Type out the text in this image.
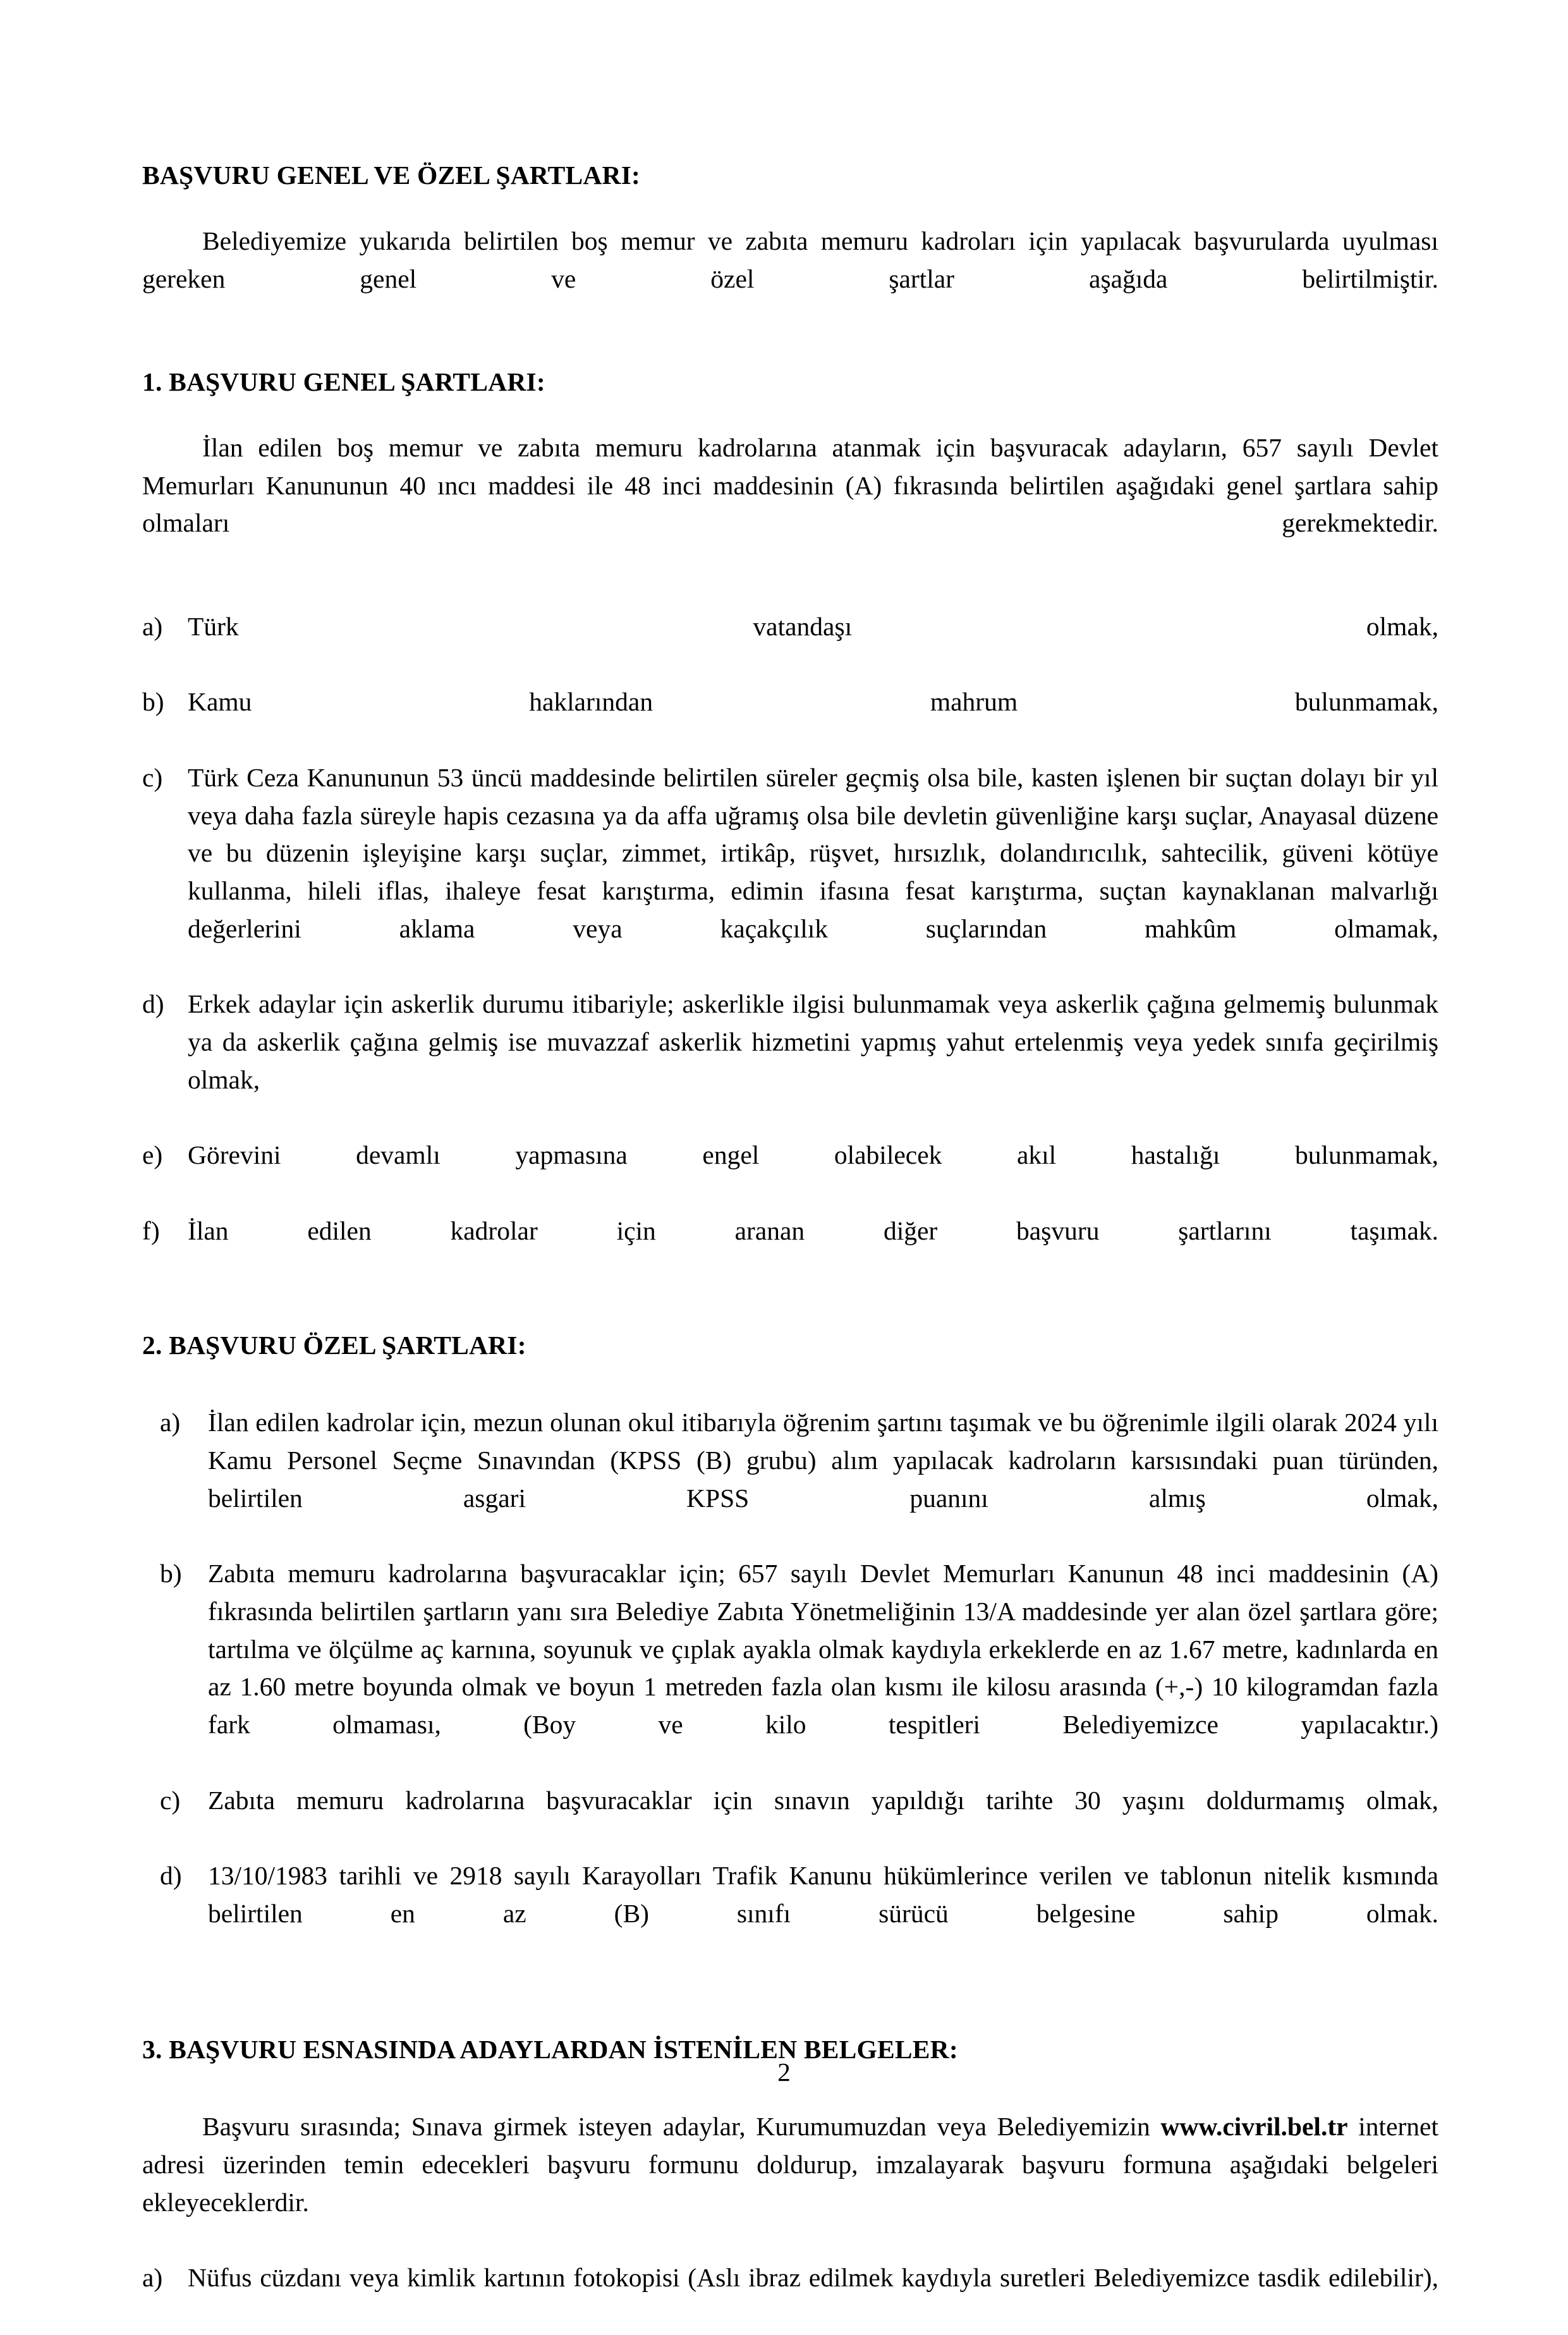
BAŞVURU GENEL VE ÖZEL ŞARTLARI:

Belediyemize yukarıda belirtilen boş memur ve zabıta memuru kadroları için yapılacak başvurularda uyulması gereken genel ve özel şartlar aşağıda belirtilmiştir.

1. BAŞVURU GENEL ŞARTLARI:

İlan edilen boş memur ve zabıta memuru kadrolarına atanmak için başvuracak adayların, 657 sayılı Devlet Memurları Kanununun 40 ıncı maddesi ile 48 inci maddesinin (A) fıkrasında belirtilen aşağıdaki genel şartlara sahip olmaları gerekmektedir.

a) Türk vatandaşı olmak,
b) Kamu haklarından mahrum bulunmamak,
c) Türk Ceza Kanununun 53 üncü maddesinde belirtilen süreler geçmiş olsa bile, kasten işlenen bir suçtan dolayı bir yıl veya daha fazla süreyle hapis cezasına ya da affa uğramış olsa bile devletin güvenliğine karşı suçlar, Anayasal düzene ve bu düzenin işleyişine karşı suçlar, zimmet, irtikâp, rüşvet, hırsızlık, dolandırıcılık, sahtecilik, güveni kötüye kullanma, hileli iflas, ihaleye fesat karıştırma, edimin ifasına fesat karıştırma, suçtan kaynaklanan malvarlığı değerlerini aklama veya kaçakçılık suçlarından mahkûm olmamak,
d) Erkek adaylar için askerlik durumu itibariyle; askerlikle ilgisi bulunmamak veya askerlik çağına gelmemiş bulunmak ya da askerlik çağına gelmiş ise muvazzaf askerlik hizmetini yapmış yahut ertelenmiş veya yedek sınıfa geçirilmiş olmak,
e) Görevini devamlı yapmasına engel olabilecek akıl hastalığı bulunmamak,
f)	İlan edilen kadrolar için aranan diğer başvuru şartlarını taşımak.
2. BAŞVURU ÖZEL ŞARTLARI:
a)	İlan edilen kadrolar için, mezun olunan okul itibarıyla öğrenim şartını taşımak ve bu öğrenimle ilgili olarak 2024 yılı Kamu Personel Seçme Sınavından (KPSS (B) grubu) alım yapılacak kadroların karsısındaki puan türünden, belirtilen asgari KPSS puanını almış olmak,
b) Zabıta memuru kadrolarına başvuracaklar için; 657 sayılı Devlet Memurları Kanunun 48 inci maddesinin (A) fıkrasında belirtilen şartların yanı sıra Belediye Zabıta Yönetmeliğinin 13/A maddesinde yer alan özel şartlara göre; tartılma ve ölçülme aç karnına, soyunuk ve çıplak ayakla olmak kaydıyla erkeklerde en az 1.67 metre, kadınlarda en az 1.60 metre boyunda olmak ve boyun 1 metreden fazla olan kısmı ile kilosu arasında (+,-) 10 kilogramdan fazla fark olmaması, (Boy ve kilo tespitleri Belediyemizce yapılacaktır.)
c)	Zabıta memuru kadrolarına başvuracaklar için sınavın yapıldığı tarihte 30 yaşını doldurmamış olmak,
d) 13/10/1983 tarihli ve 2918 sayılı Karayolları Trafik Kanunu hükümlerince verilen ve tablonun nitelik kısmında belirtilen en az (B) sınıfı sürücü belgesine sahip olmak.
3. BAŞVURU ESNASINDA ADAYLARDAN İSTENİLEN BELGELER:

Başvuru sırasında; Sınava girmek isteyen adaylar, Kurumumuzdan veya Belediyemizin www.civril.bel.tr internet adresi üzerinden temin edecekleri başvuru formunu doldurup, imzalayarak başvuru formuna aşağıdaki belgeleri ekleyeceklerdir.

a) Nüfus cüzdanı veya kimlik kartının fotokopisi (Aslı ibraz edilmek kaydıyla suretleri Belediyemizce tasdik edilebilir),
2
